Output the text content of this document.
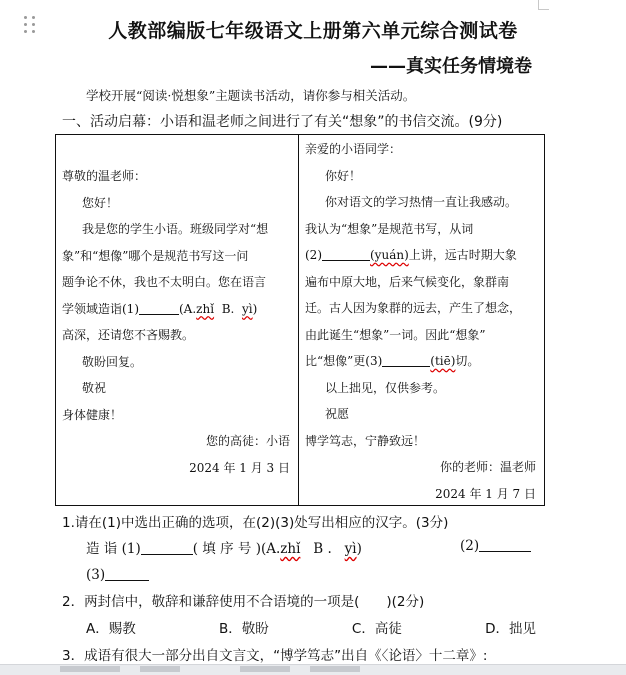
人教部编版七年级语文上册第六单元综合测试卷
——真实任务情境卷
学校开展“阅读·悦想象”主题读书活动，请你参与相关活动。
一、活动启幕：小语和温老师之间进行了有关“想象”的书信交流。(9分)
尊敬的温老师：
您好！
我是您的学生小语。班级同学对“想
象”和“想像”哪个是规范书写这一问
题争论不休，我也不太明白。您在语言
学领域造诣(1)	(A.zhǐ B. yì)
高深，还请您不吝赐教。
敬盼回复。
敬祝
身体健康！
您的高徒：小语
2024 年 1 月 3 日
亲爱的小语同学：
你好！
你对语文的学习热情一直让我感动。
我认为“想象”是规范书写，从词
(2)	(yuán)上讲，远古时期大象
遍布中原大地，后来气候变化，象群南
迁。古人因为象群的远去，产生了想念，
由此诞生“想象”一词。因此“想象”
比“想像”更(3)	(tiē)切。
以上拙见，仅供参考。
祝愿
博学笃志，宁静致远！
你的老师：温老师
2024 年 1 月 7 日
1.请在(1)中选出正确的选项，在(2)(3)处写出相应的汉字。(3分)
造 诣 (1)	( 填 序 号 )(A.zhǐ B . yì)	(2)
(3)
2．两封信中，敬辞和谦辞使用不合语境的一项是(　　)(2分)
A．赐教	B．敬盼	C．高徒	D．拙见
3．成语有很大一部分出自文言文，“博学笃志”出自《〈论语〉十二章》:
